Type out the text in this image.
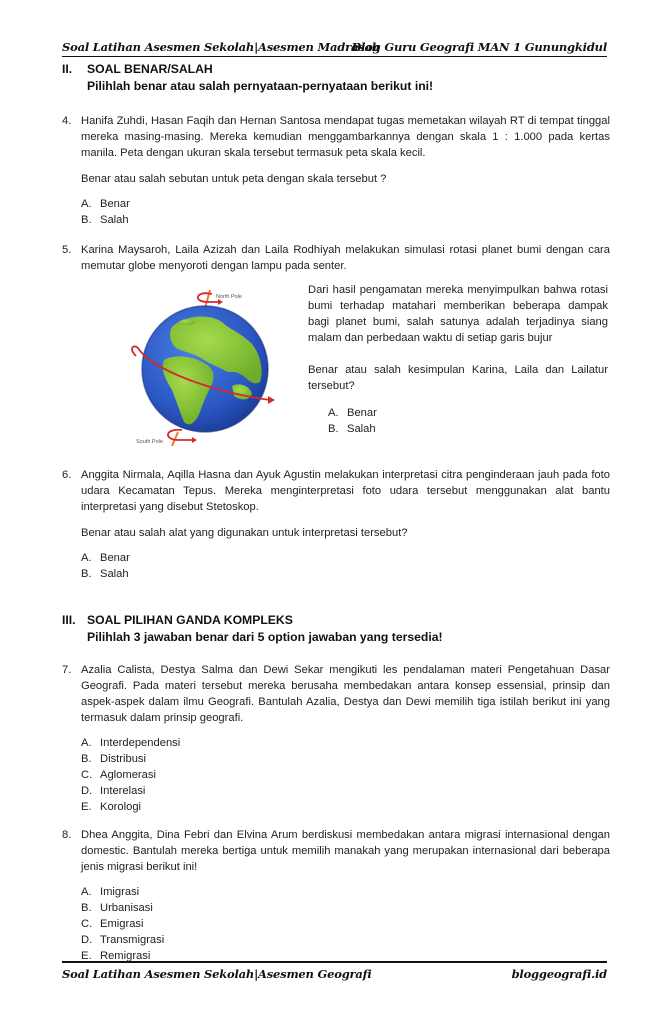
Soal Latihan Asesmen Sekolah|Asesmen Madrasah
Blog Guru Geografi MAN 1 Gunungkidul
II. SOAL BENAR/SALAH
Pilihlah benar atau salah pernyataan-pernyataan berikut ini!
4. Hanifa Zuhdi, Hasan Faqih dan Hernan Santosa mendapat tugas memetakan wilayah RT di tempat tinggal mereka masing-masing. Mereka kemudian menggambarkannya dengan skala 1 : 1.000 pada kertas manila. Peta dengan ukuran skala tersebut termasuk peta skala kecil.
Benar atau salah sebutan untuk peta dengan skala tersebut ?
A. Benar
B. Salah
5. Karina Maysaroh, Laila Azizah dan Laila Rodhiyah melakukan simulasi rotasi planet bumi dengan cara memutar globe menyoroti dengan lampu pada senter.
North Pole
South Pole
Dari hasil pengamatan mereka menyimpulkan bahwa rotasi bumi terhadap matahari memberikan beberapa dampak bagi planet bumi, salah satunya adalah terjadinya siang malam dan perbedaan waktu di setiap garis bujur
Benar atau salah kesimpulan Karina, Laila dan Lailatur tersebut?
A. Benar
B. Salah
6. Anggita Nirmala, Aqilla Hasna dan Ayuk Agustin melakukan interpretasi citra penginderaan jauh pada foto udara Kecamatan Tepus. Mereka menginterpretasi foto udara tersebut menggunakan alat bantu interpretasi yang disebut Stetoskop.
Benar atau salah alat yang digunakan untuk interpretasi tersebut?
A. Benar
B. Salah
III. SOAL PILIHAN GANDA KOMPLEKS
Pilihlah 3 jawaban benar dari 5 option jawaban yang tersedia!
7. Azalia Calista, Destya Salma dan Dewi Sekar mengikuti les pendalaman materi Pengetahuan Dasar Geografi. Pada materi tersebut mereka berusaha membedakan antara konsep essensial, prinsip dan aspek-aspek dalam ilmu Geografi. Bantulah Azalia, Destya dan Dewi memilih tiga istilah berikut ini yang termasuk dalam prinsip geografi.
A. Interdependensi
B. Distribusi
C. Aglomerasi
D. Interelasi
E. Korologi
8. Dhea Anggita, Dina Febri dan Elvina Arum berdiskusi membedakan antara migrasi internasional dengan domestic. Bantulah mereka bertiga untuk memilih manakah yang merupakan internasional dari beberapa jenis migrasi berikut ini!
A. Imigrasi
B. Urbanisasi
C. Emigrasi
D. Transmigrasi
E. Remigrasi
Soal Latihan Asesmen Sekolah|Asesmen Geografi	bloggeografi.id
